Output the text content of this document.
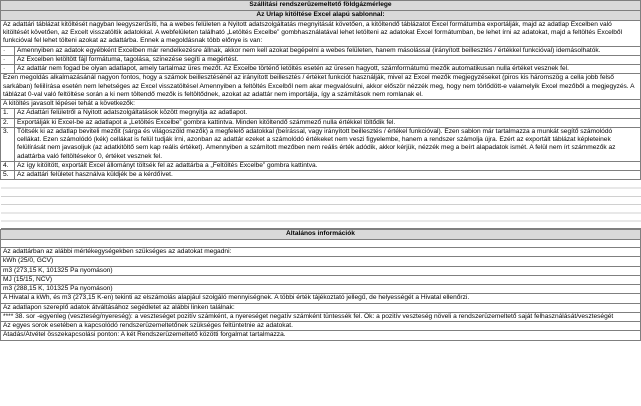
Szállítási rendszerüzemeltető földgázmérlege	
Az Űrlap kitöltése Excel alapú sablonnal:	
Az adattári táblázat kitöltését nagyban leegyszerűsíti, ha a webes felületen a Nyitott adatszolgáltatás megnyitását követően, a kitöltendő táblázatot Excel formátumba exportálják, majd az adatlap Excelben való kitöltését követően, az Excelt visszatöltik adatokkal. A webfelületen található „Letöltés Excelbe” gombhasználatával lehet letölteni az adatokat Excel formátumban, be lehet írni az adatokat, majd a feltöltés Excelből funkcióval fel lehet tölteni azokat az adattárba. Ennek a megoldásnak több előnye is van:	
·	Amennyiben az adatok egyébként Excelben már rendelkezésre állnak, akkor nem kell azokat begépelni a webes felületen, hanem másolással (irányított beillesztés / értékkel funkcióval) idemásolhatók.
·	Az Excelben letöltött fájl formátuma, tagolása, színezése segíti a megértést.
·	Az adattár nem fogad be olyan adatlapot, amely tartalmaz üres mezőt. Az Excelbe történő letöltés esetén az üresen hagyott, számformátumú mezők automatikusan nulla értéket vesznek fel.
Ezen megoldás alkalmazásánál nagyon fontos, hogy a számok beillesztésénél az irányított beillesztés / értéket funkciót használják, mivel az Excel mezők megjegyzéseket (piros kis háromszög a cella jobb felső sarkában) feliilírása esetén nem lehetséges az Excel visszatöltésel Amennyiben a feltöltés Excelből nem akar megvalósulni, akkor először nézzék meg, hogy nem törlődött-e valamelyik Excel mezőből a megjegyzés. A táblázat 0-val való feltöltése során a ki nem töltendő mezők is feltöltődnek, azokat az adattár nem importálja, így a számítások nem romlanak el.	
A kitöltés javasolt lépései tehát a következők:	
1.	Az Adattári felületről a Nyitott adatszolgáltatások között megnyitja az adatlapot.
2.	Exportálják ki Excel-be az adatlapot a „Letöltés Excelbe” gombra kattintva. Minden kitöltendő számmező nulla értékkel töltődik fel.
3.	Töltsék ki az adatlap beviteli mezőit (sárga és világoszöld mezők) a megfelelő adatokkal (beírással, vagy irányított beillesztés / értékel funkcióval). Ezen sablon már tartalmazza a munkát segítő számolódó cellákat. Ezen számolódó (kék) cellákat is felül tudják írni, azonban az adattár ezeket a számolódó értékeket nem veszi figyelembe, hanem a rendszer számolja újra. Ezért az exportált táblázat képleteinek felülírását nem javasoljuk (az adatkitöltő sem kap reális értéket). Amennyiben a számított mezőben nem reális érték adódik, akkor kérjük, nézzék meg a beírt alapadatok ismét. A felül nem írt számmezők az adattárba való feltöltésekor 0, értéket vesznek fel.
4.	Az így kitöltött, exportált Excel állományt töltsék fel az adattárba a „Feltöltés Excelbe” gombra kattintva.
5.	Az adattári felületet használva küldjék be a kérdőívet.

Általános információk

Az adattárban az alábbi mértékegységekben szükséges az adatokat megadni:
kWh (25/0, GCV)
m3 (273,15 K, 101325 Pa nyomáson)
MJ (15/15, NCV)
m3 (288,15 K, 101325 Pa nyomáson)
A Hivatal a kWh, és m3 (273,15 K-en) tekinti az elszámolás alapjául szolgáló mennyiségnek. A többi érték tájékoztató jellegű, de helyességét a Hivatal ellenőrzi.
Az adatlapon szereplő adatok átváltásához segédletet az alábbi linken találnak:
**** 38. sor -egyenleg (veszteség/nyereség): a veszteséget pozitív számként, a nyereséget negatív számként tüntessék fel. Ok: a pozitív veszteség növeli a rendszerüzemeltető saját felhasználását/veszteségét
Az egyes sorok esetében a kapcsolódó rendszerüzemeltetőnek szükséges feltüntetnie az adatokat.
Átadás/Átvétel összekapcsolási ponton: A két Rendszerüzemeltető közötti forgalmat tartalmazza.
